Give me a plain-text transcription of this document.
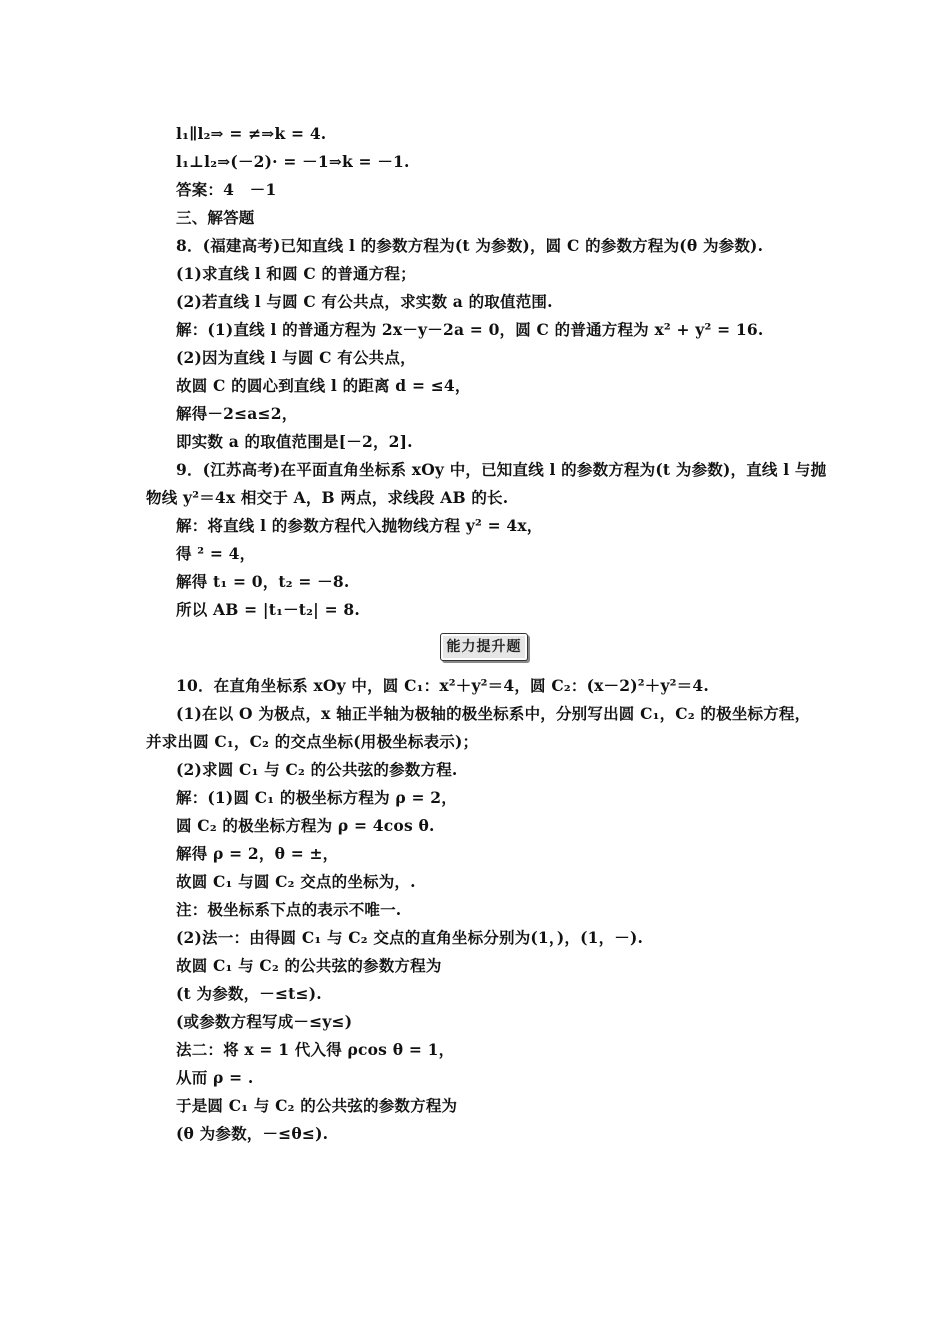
l₁∥l₂⇒ = ≠⇒k = 4.
l₁⊥l₂⇒(－2)· = －1⇒k = －1.
答案：4　－1
三、解答题
8．(福建高考)已知直线 l 的参数方程为(t 为参数)，圆 C 的参数方程为(θ 为参数).
(1)求直线 l 和圆 C 的普通方程；
(2)若直线 l 与圆 C 有公共点，求实数 a 的取值范围.
解：(1)直线 l 的普通方程为 2x－y－2a = 0，圆 C 的普通方程为 x² + y² = 16.
(2)因为直线 l 与圆 C 有公共点，
故圆 C 的圆心到直线 l 的距离 d = ≤4，
解得－2≤a≤2，
即实数 a 的取值范围是[－2，2].
9．(江苏高考)在平面直角坐标系 xOy 中，已知直线 l 的参数方程为(t 为参数)，直线 l 与抛
物线 y²＝4x 相交于 A，B 两点，求线段 AB 的长.
解：将直线 l 的参数方程代入抛物线方程 y² = 4x，
得 ² = 4，
解得 t₁ = 0，t₂ = －8.
所以 AB = |t₁－t₂| = 8.
能力提升题
10．在直角坐标系 xOy 中，圆 C₁：x²＋y²＝4，圆 C₂：(x－2)²＋y²＝4.
(1)在以 O 为极点，x 轴正半轴为极轴的极坐标系中，分别写出圆 C₁，C₂ 的极坐标方程，
并求出圆 C₁，C₂ 的交点坐标(用极坐标表示)；
(2)求圆 C₁ 与 C₂ 的公共弦的参数方程.
解：(1)圆 C₁ 的极坐标方程为 ρ = 2，
圆 C₂ 的极坐标方程为 ρ = 4cos θ.
解得 ρ = 2，θ = ±，
故圆 C₁ 与圆 C₂ 交点的坐标为，.
注：极坐标系下点的表示不唯一.
(2)法一：由得圆 C₁ 与 C₂ 交点的直角坐标分别为(1，)，(1，－).
故圆 C₁ 与 C₂ 的公共弦的参数方程为
(t 为参数，－≤t≤).
(或参数方程写成－≤y≤)
法二：将 x = 1 代入得 ρcos θ = 1，
从而 ρ = .
于是圆 C₁ 与 C₂ 的公共弦的参数方程为
(θ 为参数，－≤θ≤).
